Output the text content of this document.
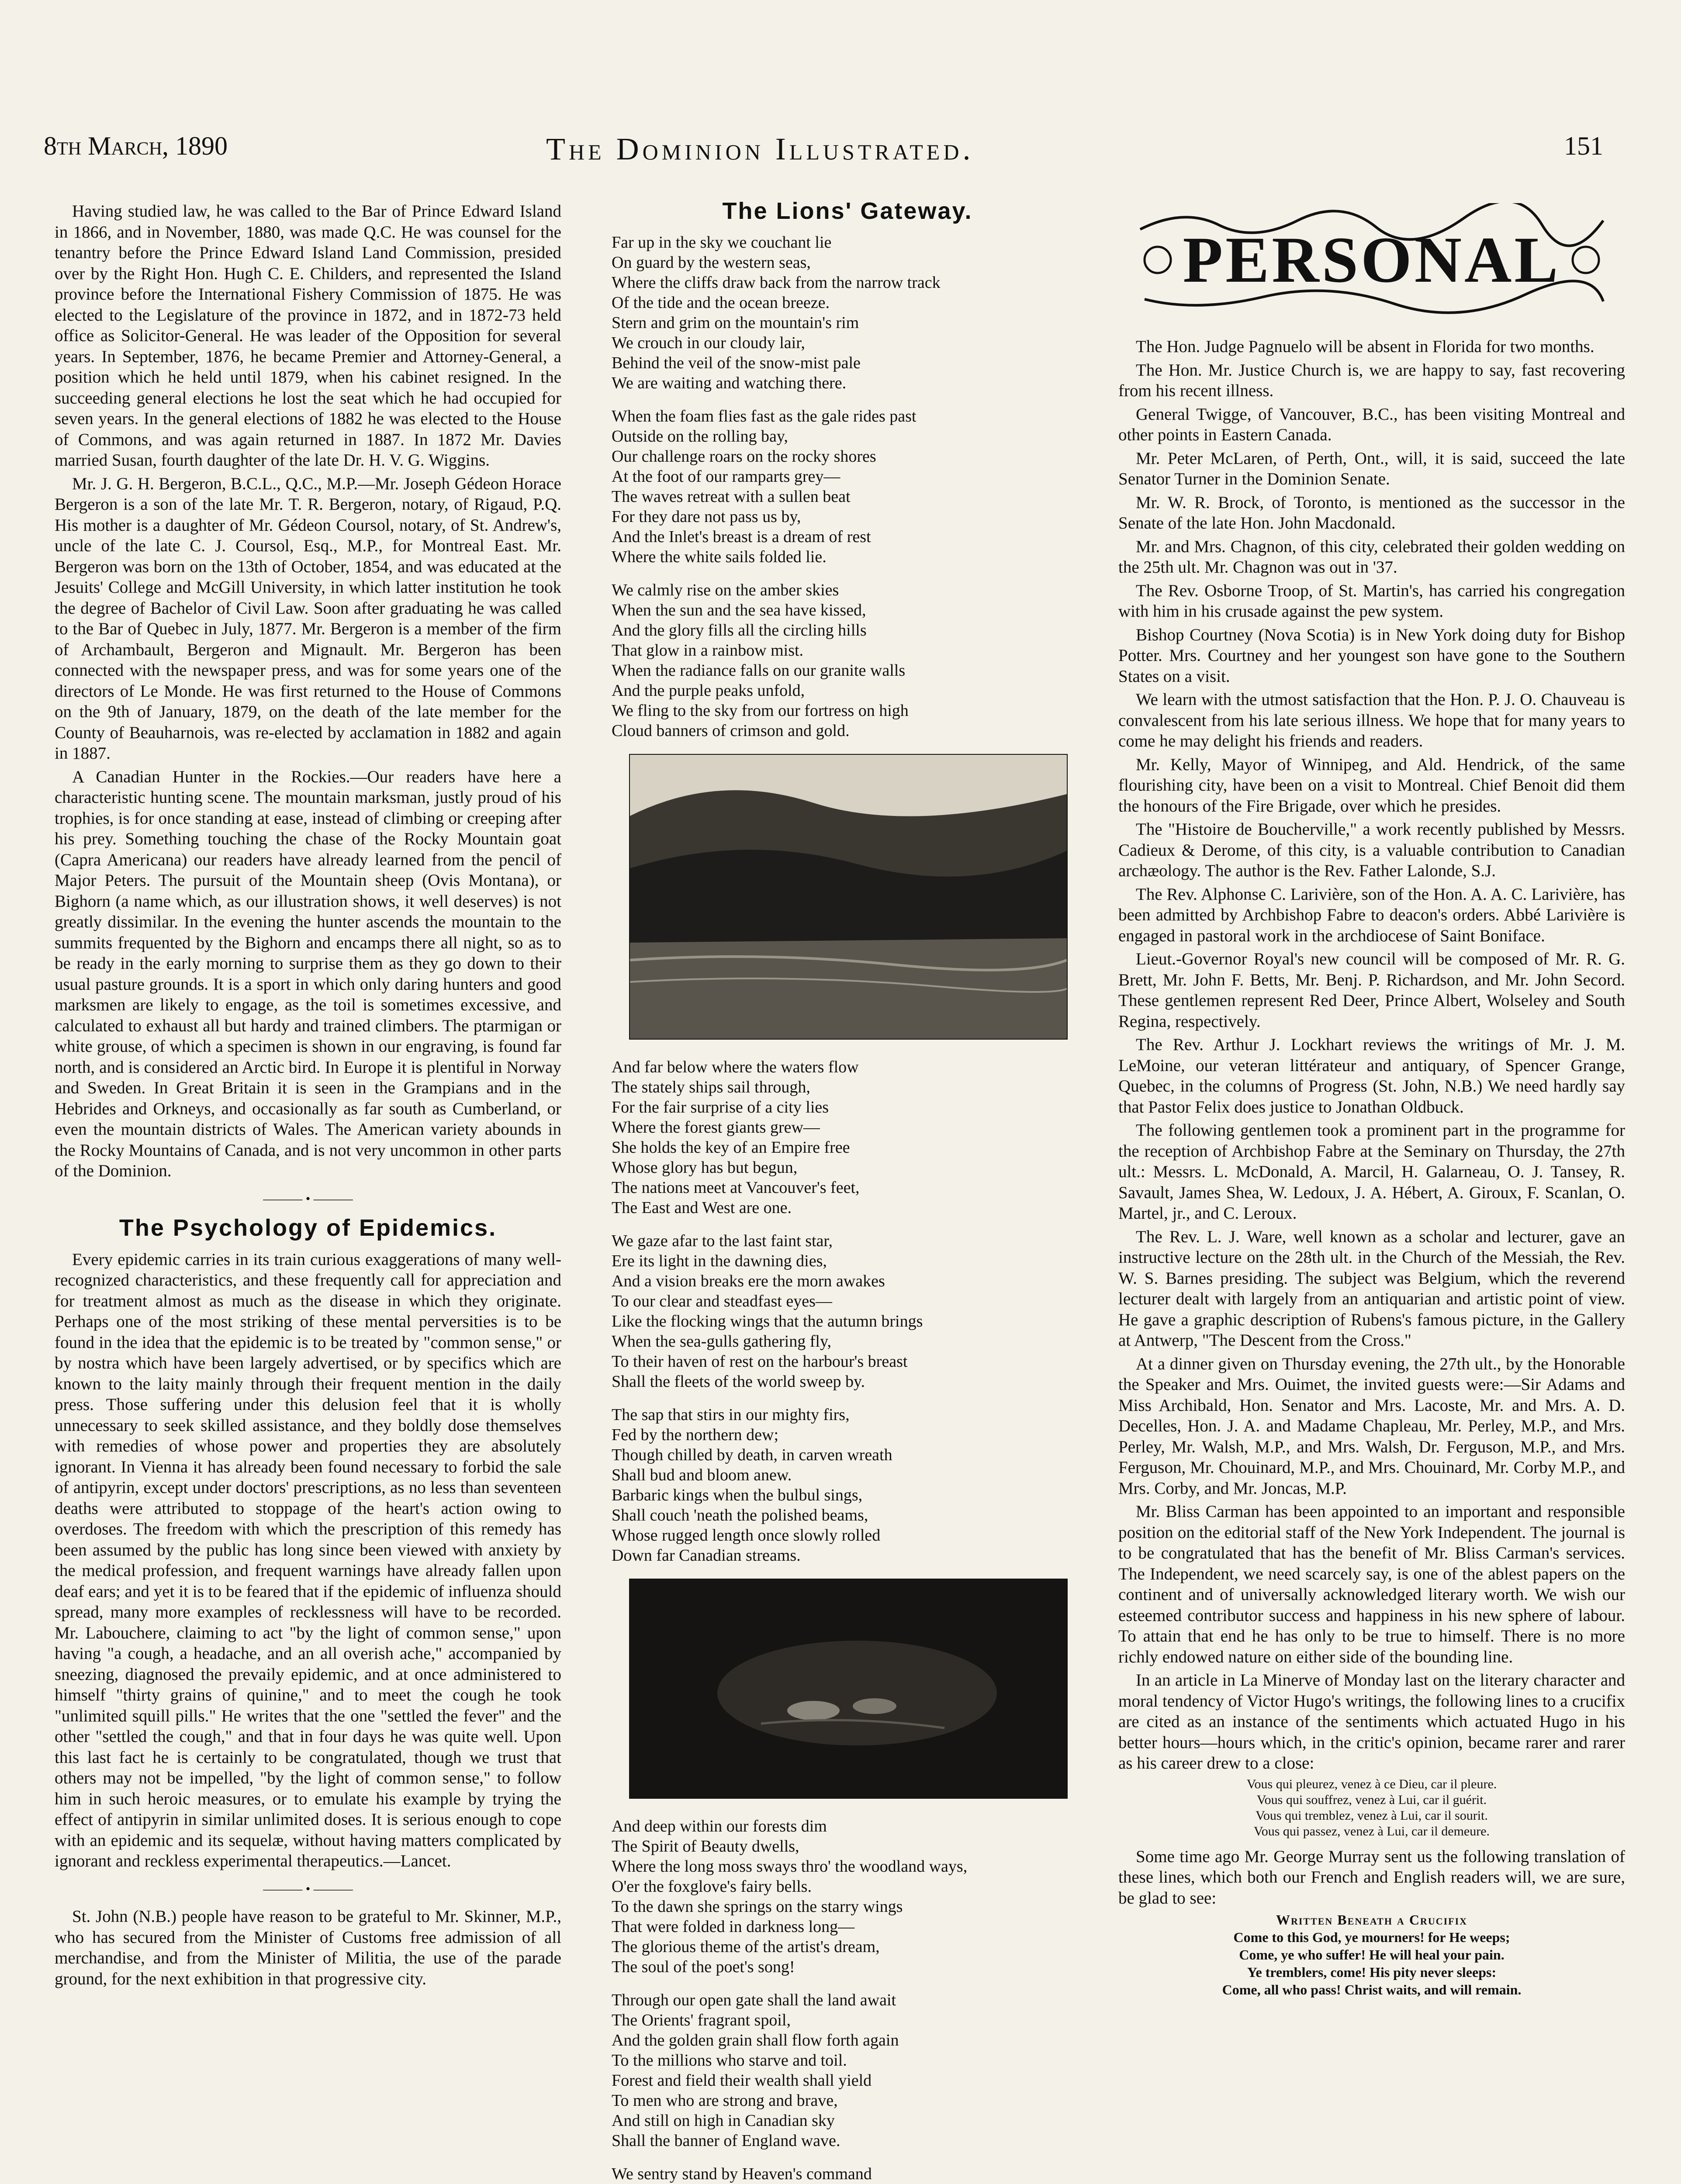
8th March, 1890	The Dominion Illustrated.	151

Having studied law, he was called to the Bar of Prince Edward Island in 1866, and in November, 1880, was made Q.C. He was counsel for the tenantry before the Prince Edward Island Land Commission, presided over by the Right Hon. Hugh C. E. Childers, and represented the Island province before the International Fishery Commission of 1875. He was elected to the Legislature of the province in 1872, and in 1872-73 held office as Solicitor-General. He was leader of the Opposition for several years. In September, 1876, he became Premier and Attorney-General, a position which he held until 1879, when his cabinet resigned. In the succeeding general elections he lost the seat which he had occupied for seven years. In the general elections of 1882 he was elected to the House of Commons, and was again returned in 1887. In 1872 Mr. Davies married Susan, fourth daughter of the late Dr. H. V. G. Wiggins.

Mr. J. G. H. Bergeron, B.C.L., Q.C., M.P.—Mr. Joseph Gédeon Horace Bergeron is a son of the late Mr. T. R. Bergeron, notary, of Rigaud, P.Q. His mother is a daughter of Mr. Gédeon Coursol, notary, of St. Andrew's, uncle of the late C. J. Coursol, Esq., M.P., for Montreal East. Mr. Bergeron was born on the 13th of October, 1854, and was educated at the Jesuits' College and McGill University, in which latter institution he took the degree of Bachelor of Civil Law. Soon after graduating he was called to the Bar of Quebec in July, 1877. Mr. Bergeron is a member of the firm of Archambault, Bergeron and Mignault. Mr. Bergeron has been connected with the newspaper press, and was for some years one of the directors of Le Monde. He was first returned to the House of Commons on the 9th of January, 1879, on the death of the late member for the County of Beauharnois, was re-elected by acclamation in 1882 and again in 1887.

A Canadian Hunter in the Rockies.—Our readers have here a characteristic hunting scene. The mountain marksman, justly proud of his trophies, is for once standing at ease, instead of climbing or creeping after his prey. Something touching the chase of the Rocky Mountain goat (Capra Americana) our readers have already learned from the pencil of Major Peters. The pursuit of the Mountain sheep (Ovis Montana), or Bighorn (a name which, as our illustration shows, it well deserves) is not greatly dissimilar. In the evening the hunter ascends the mountain to the summits frequented by the Bighorn and encamps there all night, so as to be ready in the early morning to surprise them as they go down to their usual pasture grounds. It is a sport in which only daring hunters and good marksmen are likely to engage, as the toil is sometimes excessive, and calculated to exhaust all but hardy and trained climbers. The ptarmigan or white grouse, of which a specimen is shown in our engraving, is found far north, and is considered an Arctic bird. In Europe it is plentiful in Norway and Sweden. In Great Britain it is seen in the Grampians and in the Hebrides and Orkneys, and occasionally as far south as Cumberland, or even the mountain districts of Wales. The American variety abounds in the Rocky Mountains of Canada, and is not very uncommon in other parts of the Dominion.

——— • ———
The Psychology of Epidemics.

Every epidemic carries in its train curious exaggerations of many well-recognized characteristics, and these frequently call for appreciation and for treatment almost as much as the disease in which they originate. Perhaps one of the most striking of these mental perversities is to be found in the idea that the epidemic is to be treated by "common sense," or by nostra which have been largely advertised, or by specifics which are known to the laity mainly through their frequent mention in the daily press. Those suffering under this delusion feel that it is wholly unnecessary to seek skilled assistance, and they boldly dose themselves with remedies of whose power and properties they are absolutely ignorant. In Vienna it has already been found necessary to forbid the sale of antipyrin, except under doctors' prescriptions, as no less than seventeen deaths were attributed to stoppage of the heart's action owing to overdoses. The freedom with which the prescription of this remedy has been assumed by the public has long since been viewed with anxiety by the medical profession, and frequent warnings have already fallen upon deaf ears; and yet it is to be feared that if the epidemic of influenza should spread, many more examples of recklessness will have to be recorded. Mr. Labouchere, claiming to act "by the light of common sense," upon having "a cough, a headache, and an all overish ache," accompanied by sneezing, diagnosed the prevaily epidemic, and at once administered to himself "thirty grains of quinine," and to meet the cough he took "unlimited squill pills." He writes that the one "settled the fever" and the other "settled the cough," and that in four days he was quite well. Upon this last fact he is certainly to be congratulated, though we trust that others may not be impelled, "by the light of common sense," to follow him in such heroic measures, or to emulate his example by trying the effect of antipyrin in similar unlimited doses. It is serious enough to cope with an epidemic and its sequelæ, without having matters complicated by ignorant and reckless experimental therapeutics.—Lancet.

——— • ———

St. John (N.B.) people have reason to be grateful to Mr. Skinner, M.P., who has secured from the Minister of Customs free admission of all merchandise, and from the Minister of Militia, the use of the parade ground, for the next exhibition in that progressive city.

The Lions' Gateway.
Far up in the sky we couchant lie
On guard by the western seas,
Where the cliffs draw back from the narrow track
Of the tide and the ocean breeze.
Stern and grim on the mountain's rim
We crouch in our cloudy lair,
Behind the veil of the snow-mist pale
We are waiting and watching there.
When the foam flies fast as the gale rides past
Outside on the rolling bay,
Our challenge roars on the rocky shores
At the foot of our ramparts grey—
The waves retreat with a sullen beat
For they dare not pass us by,
And the Inlet's breast is a dream of rest
Where the white sails folded lie.
We calmly rise on the amber skies
When the sun and the sea have kissed,
And the glory fills all the circling hills
That glow in a rainbow mist.
When the radiance falls on our granite walls
And the purple peaks unfold,
We fling to the sky from our fortress on high
Cloud banners of crimson and gold.
And far below where the waters flow
The stately ships sail through,
For the fair surprise of a city lies
Where the forest giants grew—
She holds the key of an Empire free
Whose glory has but begun,
The nations meet at Vancouver's feet,
The East and West are one.
We gaze afar to the last faint star,
Ere its light in the dawning dies,
And a vision breaks ere the morn awakes
To our clear and steadfast eyes—
Like the flocking wings that the autumn brings
When the sea-gulls gathering fly,
To their haven of rest on the harbour's breast
Shall the fleets of the world sweep by.
The sap that stirs in our mighty firs,
Fed by the northern dew;
Though chilled by death, in carven wreath
Shall bud and bloom anew.
Barbaric kings when the bulbul sings,
Shall couch 'neath the polished beams,
Whose rugged length once slowly rolled
Down far Canadian streams.
And deep within our forests dim
The Spirit of Beauty dwells,
Where the long moss sways thro' the woodland ways,
O'er the foxglove's fairy bells.
To the dawn she springs on the starry wings
That were folded in darkness long—
The glorious theme of the artist's dream,
The soul of the poet's song!
Through our open gate shall the land await
The Orients' fragrant spoil,
And the golden grain shall flow forth again
To the millions who starve and toil.
Forest and field their wealth shall yield
To men who are strong and brave,
And still on high in Canadian sky
Shall the banner of England wave.
We sentry stand by Heaven's command
PERSONAL

The Hon. Judge Pagnuelo will be absent in Florida for two months.

The Hon. Mr. Justice Church is, we are happy to say, fast recovering from his recent illness.

General Twigge, of Vancouver, B.C., has been visiting Montreal and other points in Eastern Canada.

Mr. Peter McLaren, of Perth, Ont., will, it is said, succeed the late Senator Turner in the Dominion Senate.

Mr. W. R. Brock, of Toronto, is mentioned as the successor in the Senate of the late Hon. John Macdonald.

Mr. and Mrs. Chagnon, of this city, celebrated their golden wedding on the 25th ult. Mr. Chagnon was out in '37.

The Rev. Osborne Troop, of St. Martin's, has carried his congregation with him in his crusade against the pew system.

Bishop Courtney (Nova Scotia) is in New York doing duty for Bishop Potter. Mrs. Courtney and her youngest son have gone to the Southern States on a visit.

We learn with the utmost satisfaction that the Hon. P. J. O. Chauveau is convalescent from his late serious illness. We hope that for many years to come he may delight his friends and readers.

Mr. Kelly, Mayor of Winnipeg, and Ald. Hendrick, of the same flourishing city, have been on a visit to Montreal. Chief Benoit did them the honours of the Fire Brigade, over which he presides.

The "Histoire de Boucherville," a work recently published by Messrs. Cadieux & Derome, of this city, is a valuable contribution to Canadian archæology. The author is the Rev. Father Lalonde, S.J.

The Rev. Alphonse C. Larivière, son of the Hon. A. A. C. Larivière, has been admitted by Archbishop Fabre to deacon's orders. Abbé Larivière is engaged in pastoral work in the archdiocese of Saint Boniface.

Lieut.-Governor Royal's new council will be composed of Mr. R. G. Brett, Mr. John F. Betts, Mr. Benj. P. Richardson, and Mr. John Secord. These gentlemen represent Red Deer, Prince Albert, Wolseley and South Regina, respectively.

The Rev. Arthur J. Lockhart reviews the writings of Mr. J. M. LeMoine, our veteran littérateur and antiquary, of Spencer Grange, Quebec, in the columns of Progress (St. John, N.B.) We need hardly say that Pastor Felix does justice to Jonathan Oldbuck.

The following gentlemen took a prominent part in the programme for the reception of Archbishop Fabre at the Seminary on Thursday, the 27th ult.: Messrs. L. McDonald, A. Marcil, H. Galarneau, O. J. Tansey, R. Savault, James Shea, W. Ledoux, J. A. Hébert, A. Giroux, F. Scanlan, O. Martel, jr., and C. Leroux.

The Rev. L. J. Ware, well known as a scholar and lecturer, gave an instructive lecture on the 28th ult. in the Church of the Messiah, the Rev. W. S. Barnes presiding. The subject was Belgium, which the reverend lecturer dealt with largely from an antiquarian and artistic point of view. He gave a graphic description of Rubens's famous picture, in the Gallery at Antwerp, "The Descent from the Cross."

At a dinner given on Thursday evening, the 27th ult., by the Honorable the Speaker and Mrs. Ouimet, the invited guests were:—Sir Adams and Miss Archibald, Hon. Senator and Mrs. Lacoste, Mr. and Mrs. A. D. Decelles, Hon. J. A. and Madame Chapleau, Mr. Perley, M.P., and Mrs. Perley, Mr. Walsh, M.P., and Mrs. Walsh, Dr. Ferguson, M.P., and Mrs. Ferguson, Mr. Chouinard, M.P., and Mrs. Chouinard, Mr. Corby M.P., and Mrs. Corby, and Mr. Joncas, M.P.

Mr. Bliss Carman has been appointed to an important and responsible position on the editorial staff of the New York Independent. The journal is to be congratulated that has the benefit of Mr. Bliss Carman's services. The Independent, we need scarcely say, is one of the ablest papers on the continent and of universally acknowledged literary worth. We wish our esteemed contributor success and happiness in his new sphere of labour. To attain that end he has only to be true to himself. There is no more richly endowed nature on either side of the bounding line.

In an article in La Minerve of Monday last on the literary character and moral tendency of Victor Hugo's writings, the following lines to a crucifix are cited as an instance of the sentiments which actuated Hugo in his better hours—hours which, in the critic's opinion, became rarer and rarer as his career drew to a close:

Vous qui pleurez, venez à ce Dieu, car il pleure.
Vous qui souffrez, venez à Lui, car il guérit.
Vous qui tremblez, venez à Lui, car il sourit.
Vous qui passez, venez à Lui, car il demeure.

Some time ago Mr. George Murray sent us the following translation of these lines, which both our French and English readers will, we are sure, be glad to see:

Written Beneath a Crucifix
Come to this God, ye mourners! for He weeps;
Come, ye who suffer! He will heal your pain.
Ye tremblers, come! His pity never sleeps:
Come, all who pass! Christ waits, and will remain.
